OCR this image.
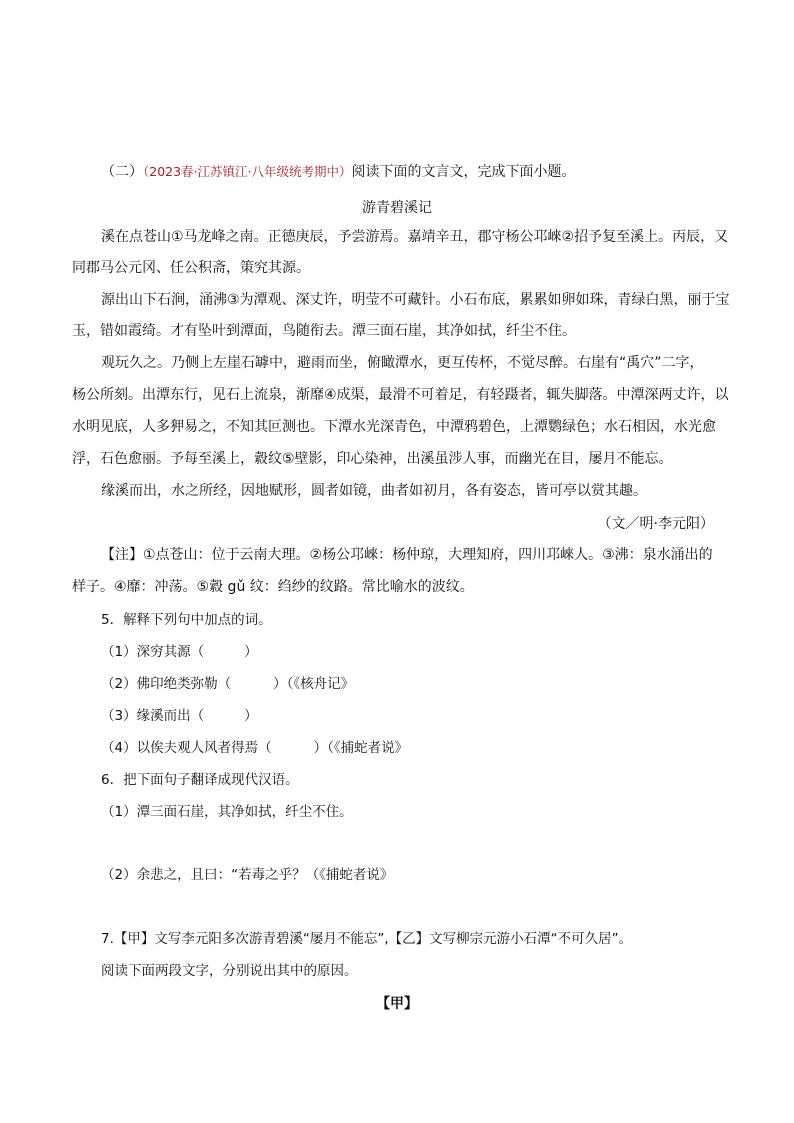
（二）（2023春·江苏镇江·八年级统考期中）阅读下面的文言文，完成下面小题。
游青碧溪记
溪在点苍山①马龙峰之南。正德庚辰，予尝游焉。嘉靖辛丑，郡守杨公邛崍②招予复至溪上。丙辰，又
同郡马公元冈、任公积斋，策究其源。
源出山下石涧，涌沸③为潭观、深丈许，明莹不可藏针。小石布底，累累如卵如珠，青绿白黑，丽于宝
玉，错如霞绮。才有坠叶到潭面，鸟随衔去。潭三面石崖，其净如拭，纤尘不住。
观玩久之。乃侧上左崖石罅中，避雨而坐，俯瞰潭水，更互传杯，不觉尽醉。右崖有“禹穴”二字，
杨公所刻。出潭东行，见石上流泉，渐靡④成渠，最滑不可着足，有轻蹑者，辄失脚落。中潭深两丈许，以
水明见底，人多狎易之，不知其叵测也。下潭水光深青色，中潭鸦碧色，上潭鹦绿色；水石相因，水光愈
浮，石色愈丽。予每至溪上，縠纹⑤壁影，印心染神，出溪虽涉人事，而幽光在目，屡月不能忘。
缘溪而出，水之所经，因地赋形，圆者如镜，曲者如初月，各有姿态，皆可亭以赏其趣。
（文／明·李元阳）
【注】①点苍山：位于云南大理。②杨公邛崍：杨仲琼，大理知府，四川邛崍人。③沸：泉水涌出的
样子。④靡：冲荡。⑤縠 gǔ 纹：绉纱的纹路。常比喻水的波纹。
5．解释下列句中加点的词。
（1）深穷其源（	）
（2）佛印绝类弥勒（	）（《核舟记》
（3）缘溪而出（	）
（4）以俟夫观人风者得焉（	）（《捕蛇者说》
6．把下面句子翻译成现代汉语。
（1）潭三面石崖，其净如拭，纤尘不住。
（2）余悲之，且曰：“若毒之乎？（《捕蛇者说》
7.【甲】文写李元阳多次游青碧溪“屡月不能忘”,【乙】文写柳宗元游小石潭“不可久居”。
阅读下面两段文字，分别说出其中的原因。
【甲】
